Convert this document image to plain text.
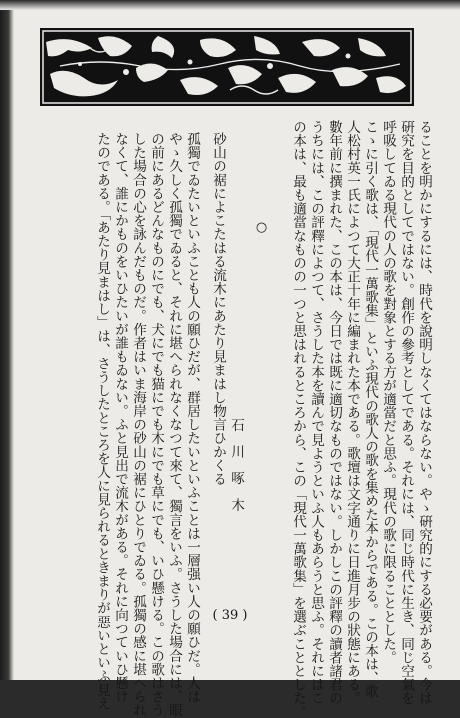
ることを明かにするには、時代を說明しなくてはならない。やゝ硏究的にする必要がある。今は
硏究を目的としてではない。創作の參考としてである。それには、同じ時代に生き、同じ空氣を
呼吸してゐる現代の人の歌を對象とする方が適當だと思ふ。現代の歌に限ることとした。
こゝに引く歌は、「現代一萬歌集」といふ現代の歌人の歌を集めた本からである。この本は、歌
人松村英一氏によつて大正十年に編まれた本である。歌壇は文字通りに日進月步の狀態にある。
數年前に撰まれた、この本は、今日では既に適切なものではない。しかしこの評釋の讀者諸君の
うちには、この評釋によつて、さうした本を讀んで見ようといふ人もあらうと思ふ。それにはこ
の本は、最も適當なものの一つと思はれるところから、この「現代一萬歌集」を選ぶこととした。
○
石川啄木
砂山の裾によこたはる流木にあたり見まはし物言ひかくる
孤獨でゐたいといふことも人の願ひだが、群居したいといふことは一層强い人の願ひだ。人は
やゝ久しく孤獨でゐると、それに堪へられなくなつて來て、獨言をいふ。さうした場合には、眼
の前にあるどんなものにでも、犬にでも猫にでも木にでも草にでも、いひ懸ける。この歌はさう
した場合の心を詠んだものだ。作者はいま海岸の砂山の裾にひとりでゐる。孤獨の感に堪へられ
なくて、誰にかものをいひたいが誰もゐない。ふと見出で流木がある。それに向つていひ懸け
たのである。「あたり見まはし」は、さうしたところを人に見られるときまりが惡いといふ見え	( 39 )
